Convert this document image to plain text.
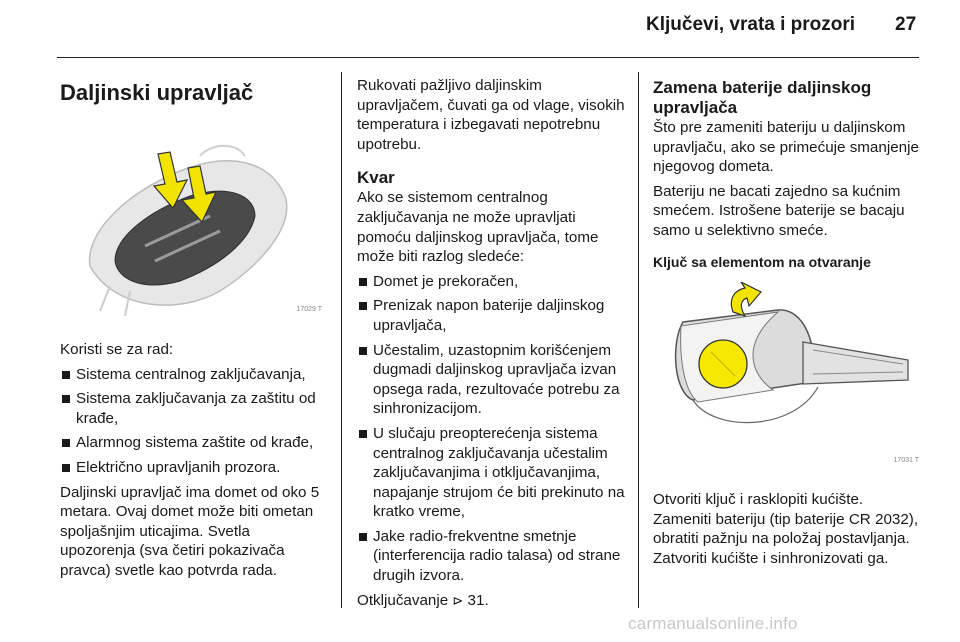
Ključevi, vrata i prozori 27
Daljinski upravljač
17029 T

Koristi se za rad:

Sistema centralnog zaključavanja,
Sistema zaključavanja za zaštitu od krađe,
Alarmnog sistema zaštite od krađe,
Električno upravljanih prozora.

Daljinski upravljač ima domet od oko 5 metara. Ovaj domet može biti ometan spoljašnjim uticajima. Svetla upozorenja (sva četiri pokazivača pravca) svetle kao potvrda rada.

Rukovati pažljivo daljinskim upravljačem, čuvati ga od vlage, visokih temperatura i izbegavati nepotrebnu upotrebu.

Kvar

Ako se sistemom centralnog zaključavanja ne može upravljati pomoću daljinskog upravljača, tome može biti razlog sledeće:

Domet je prekoračen,
Prenizak napon baterije daljinskog upravljača,
Učestalim, uzastopnim korišćenjem dugmadi daljinskog upravljača izvan opsega rada, rezultovaće potrebu za sinhronizacijom.
U slučaju preopterećenja sistema centralnog zaključavanja učestalim zaključavanjima i otključavanjima, napajanje strujom će biti prekinuto na kratko vreme,
Jake radio-frekventne smetnje (interferencija radio talasa) od strane drugih izvora.

Otključavanje ⊳ 31.

Zamena baterije daljinskog upravljača

Što pre zameniti bateriju u daljinskom upravljaču, ako se primećuje smanjenje njegovog dometa.

Bateriju ne bacati zajedno sa kućnim smećem. Istrošene baterije se bacaju samo u selektivno smeće.

Ključ sa elementom na otvaranje
17031 T

Otvoriti ključ i rasklopiti kućište. Zameniti bateriju (tip baterije CR 2032), obratiti pažnju na položaj postavljanja. Zatvoriti kućište i sinhronizovati ga.

carmanualsonline.info
